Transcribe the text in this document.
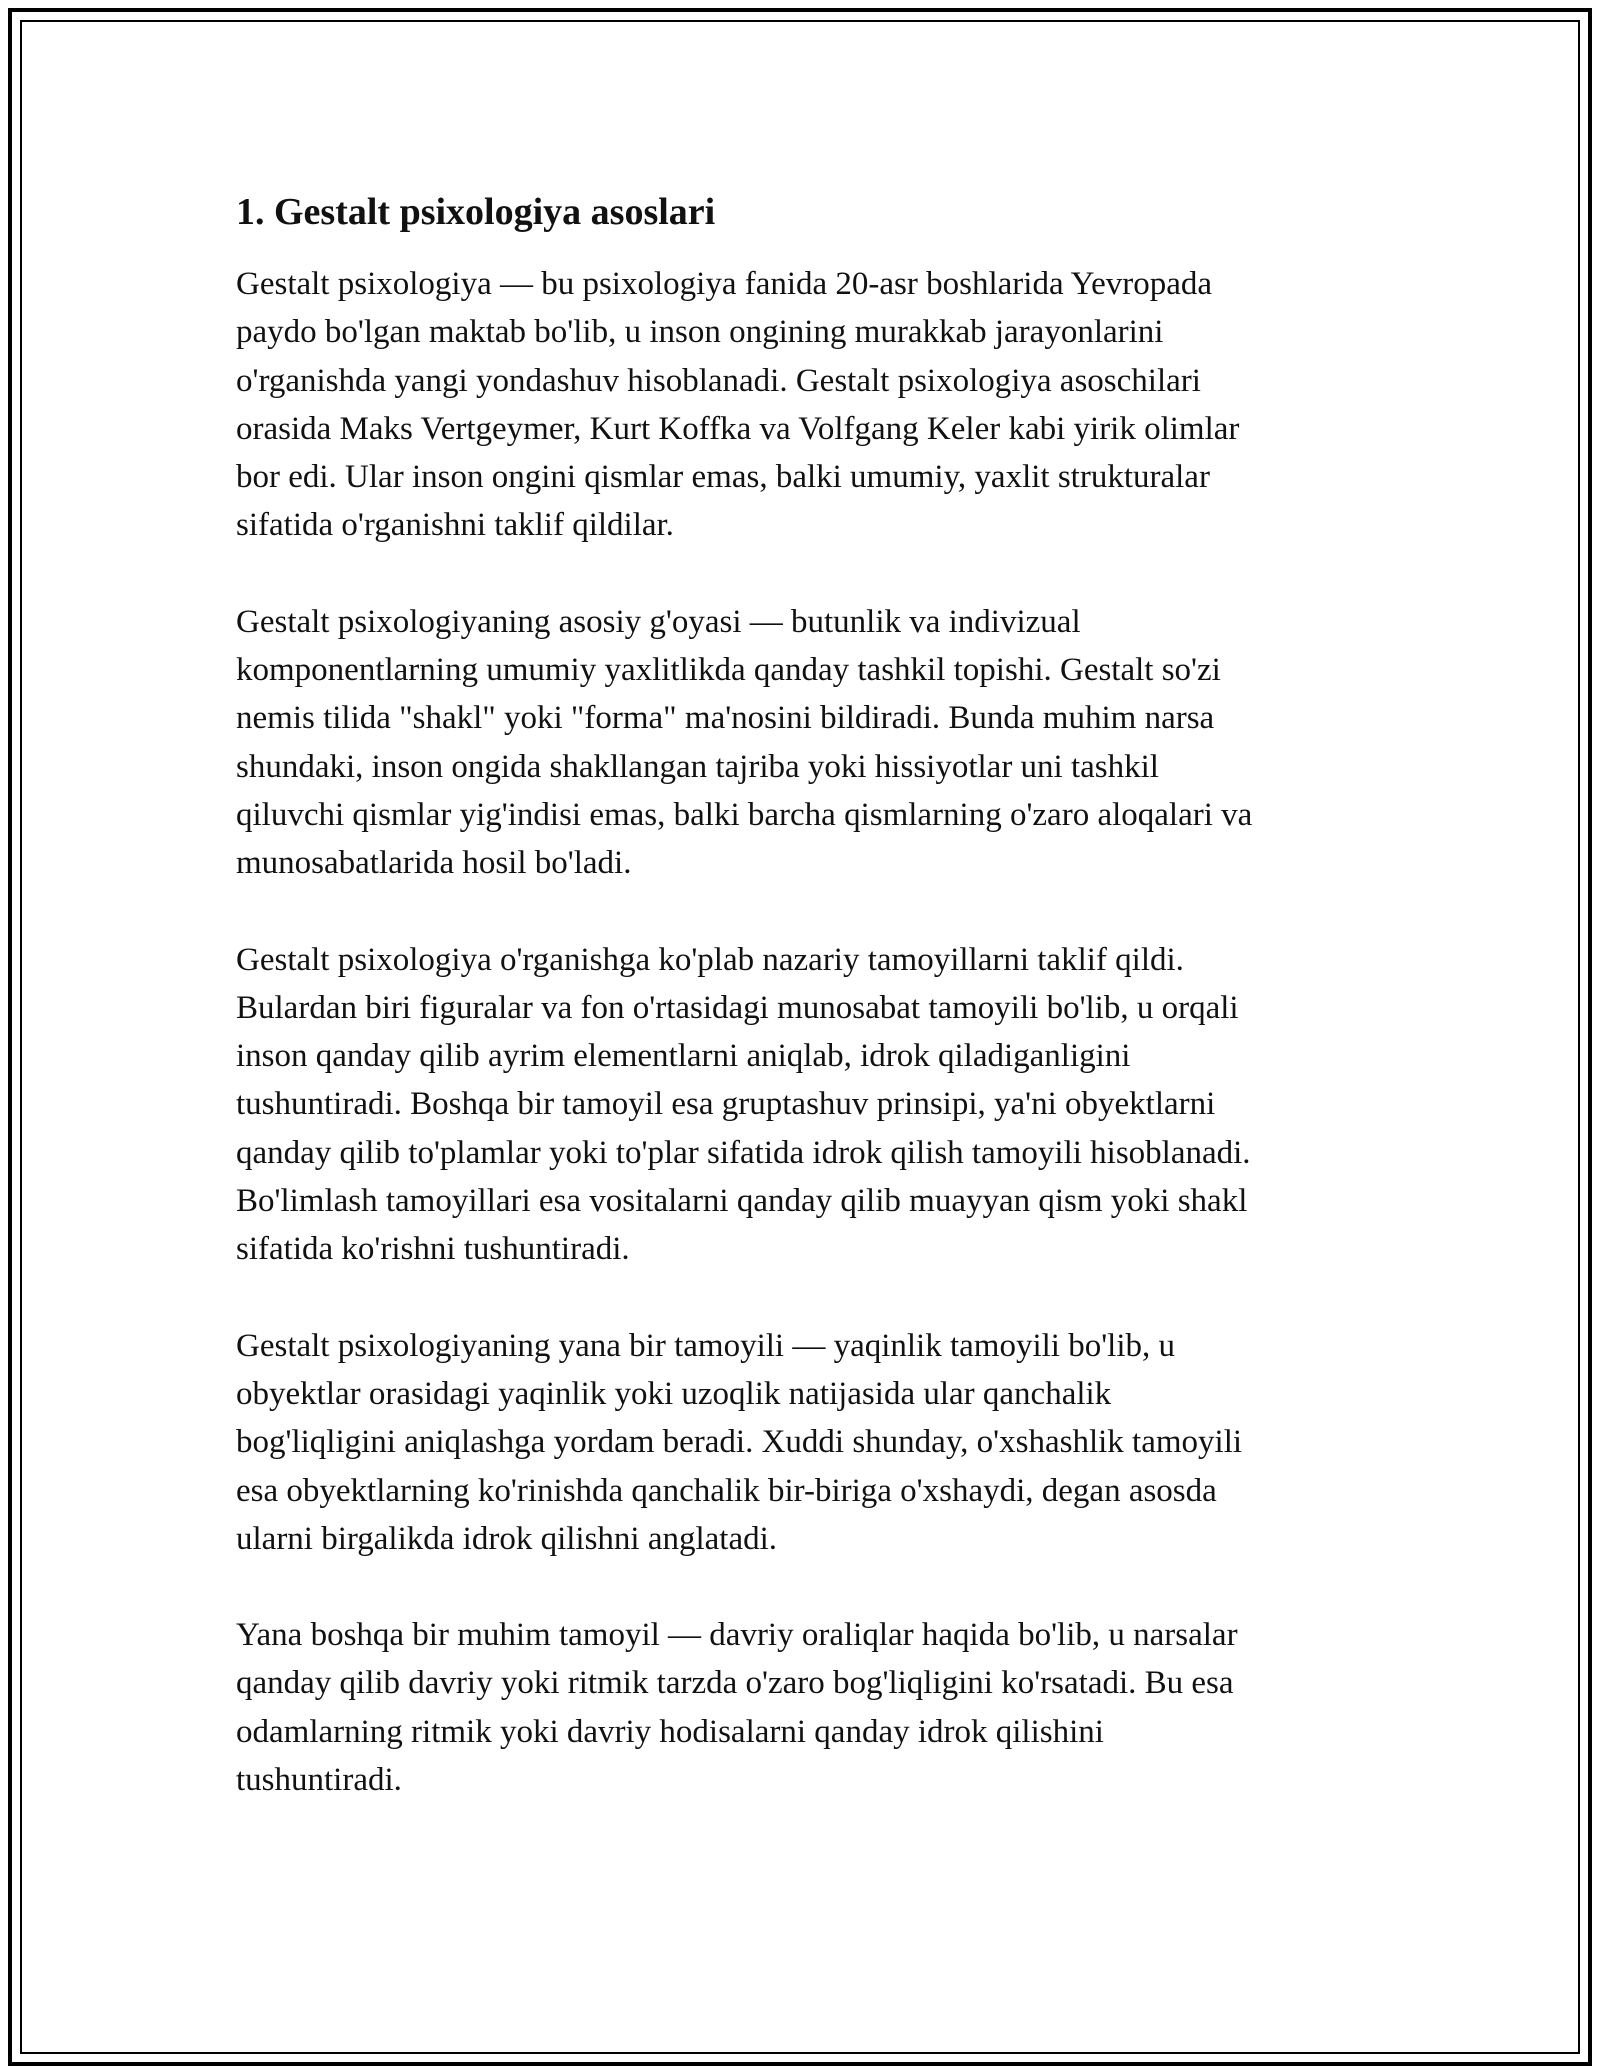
1. Gestalt psixologiya asoslari

Gestalt psixologiya — bu psixologiya fanida 20-asr boshlarida Yevropada
paydo bo'lgan maktab bo'lib, u inson ongining murakkab jarayonlarini
o'rganishda yangi yondashuv hisoblanadi. Gestalt psixologiya asoschilari
orasida Maks Vertgeymer, Kurt Koffka va Volfgang Keler kabi yirik olimlar
bor edi. Ular inson ongini qismlar emas, balki umumiy, yaxlit strukturalar
sifatida o'rganishni taklif qildilar.

Gestalt psixologiyaning asosiy g'oyasi — butunlik va indivizual
komponentlarning umumiy yaxlitlikda qanday tashkil topishi. Gestalt so'zi
nemis tilida "shakl" yoki "forma" ma'nosini bildiradi. Bunda muhim narsa
shundaki, inson ongida shakllangan tajriba yoki hissiyotlar uni tashkil
qiluvchi qismlar yig'indisi emas, balki barcha qismlarning o'zaro aloqalari va
munosabatlarida hosil bo'ladi.

Gestalt psixologiya o'rganishga ko'plab nazariy tamoyillarni taklif qildi.
Bulardan biri figuralar va fon o'rtasidagi munosabat tamoyili bo'lib, u orqali
inson qanday qilib ayrim elementlarni aniqlab, idrok qiladiganligini
tushuntiradi. Boshqa bir tamoyil esa gruptashuv prinsipi, ya'ni obyektlarni
qanday qilib to'plamlar yoki to'plar sifatida idrok qilish tamoyili hisoblanadi.
Bo'limlash tamoyillari esa vositalarni qanday qilib muayyan qism yoki shakl
sifatida ko'rishni tushuntiradi.

Gestalt psixologiyaning yana bir tamoyili — yaqinlik tamoyili bo'lib, u
obyektlar orasidagi yaqinlik yoki uzoqlik natijasida ular qanchalik
bog'liqligini aniqlashga yordam beradi. Xuddi shunday, o'xshashlik tamoyili
esa obyektlarning ko'rinishda qanchalik bir-biriga o'xshaydi, degan asosda
ularni birgalikda idrok qilishni anglatadi.

Yana boshqa bir muhim tamoyil — davriy oraliqlar haqida bo'lib, u narsalar
qanday qilib davriy yoki ritmik tarzda o'zaro bog'liqligini ko'rsatadi. Bu esa
odamlarning ritmik yoki davriy hodisalarni qanday idrok qilishini
tushuntiradi.
